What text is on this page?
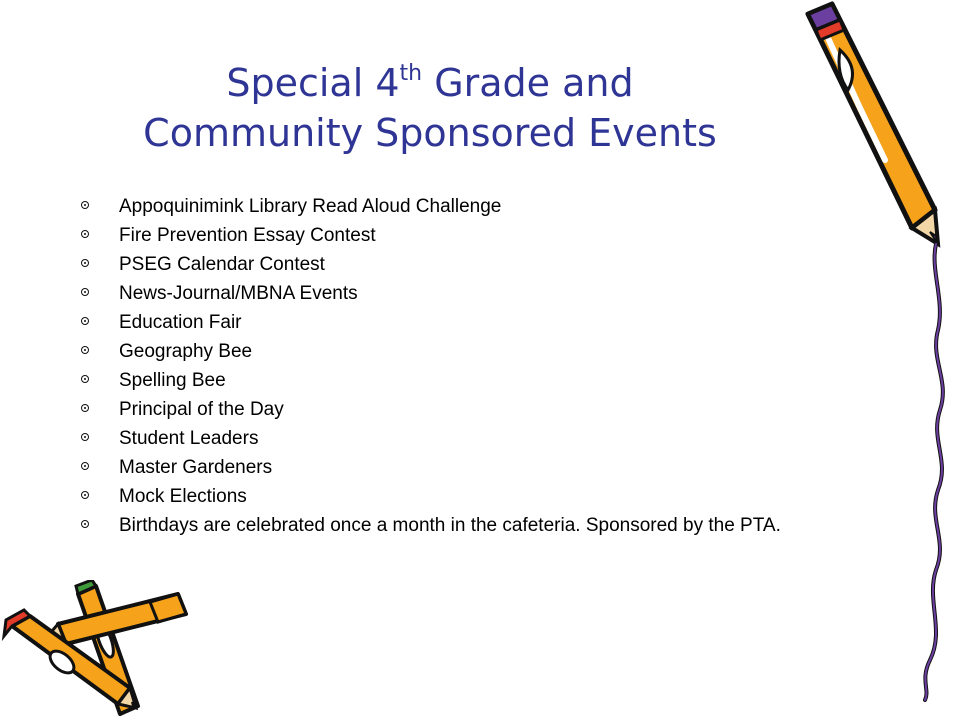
Special 4th Grade and
Community Sponsored Events
Appoquinimink Library Read Aloud Challenge
Fire Prevention Essay Contest
PSEG Calendar Contest
News-Journal/MBNA Events
Education Fair
Geography Bee
Spelling Bee
Principal of the Day
Student Leaders
Master Gardeners
Mock Elections
Birthdays are celebrated once a month in the cafeteria. Sponsored by the PTA.
